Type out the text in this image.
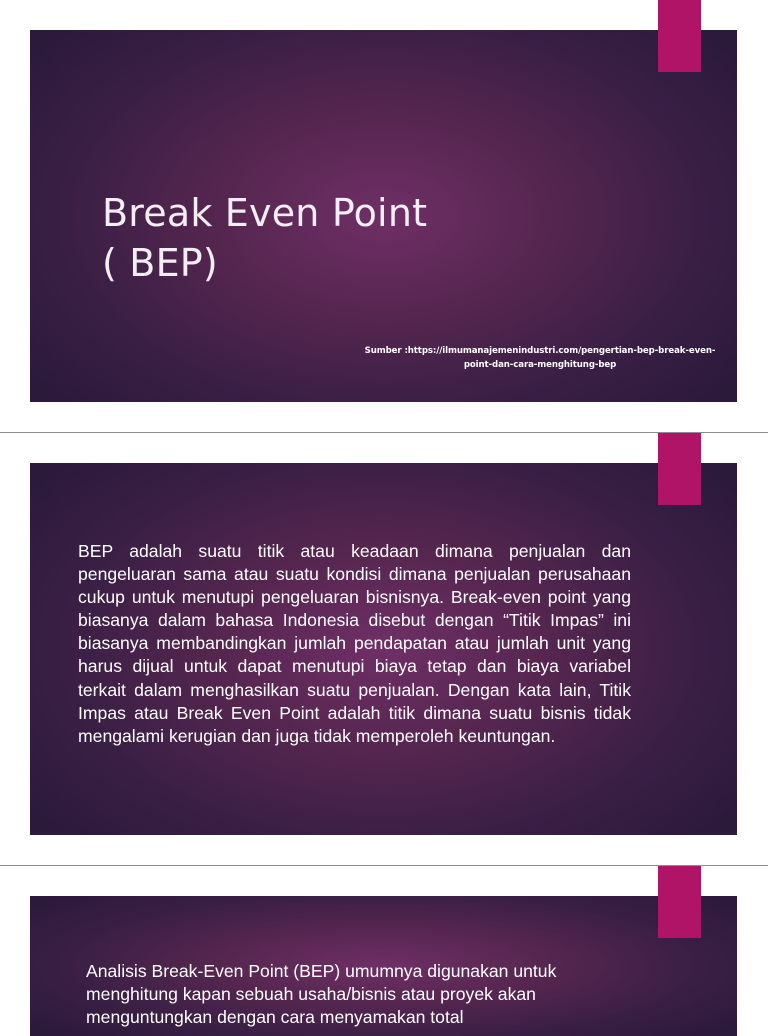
Break Even Point
( BEP)
Sumber :https://ilmumanajemenindustri.com/pengertian-bep-break-even-
point-dan-cara-menghitung-bep

BEP adalah suatu titik atau keadaan dimana penjualan dan pengeluaran sama atau suatu kondisi dimana penjualan perusahaan cukup untuk menutupi pengeluaran bisnisnya. Break-even point yang biasanya dalam bahasa Indonesia disebut dengan “Titik Impas” ini biasanya membandingkan jumlah pendapatan atau jumlah unit yang harus dijual untuk dapat menutupi biaya tetap dan biaya variabel terkait dalam menghasilkan suatu penjualan. Dengan kata lain, Titik Impas atau Break Even Point adalah titik dimana suatu bisnis tidak mengalami kerugian dan juga tidak memperoleh keuntungan.

Analisis Break-Even Point (BEP) umumnya digunakan untuk
menghitung kapan sebuah usaha/bisnis atau proyek akan
menguntungkan dengan cara menyamakan total
